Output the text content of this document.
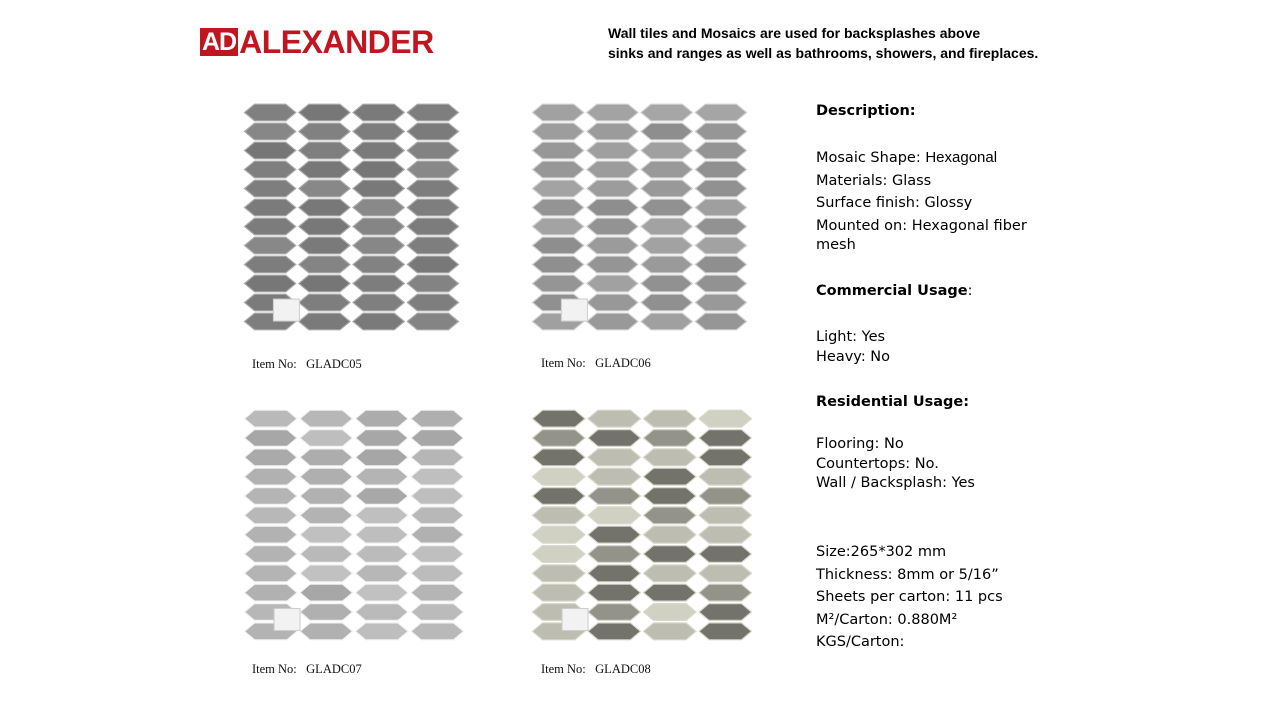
AD ALEXANDER	Wall tiles and Mosaics are used for backsplashes above
sinks and ranges as well as bathrooms, showers, and fireplaces.
Item No:   GLADC05	Item No:   GLADC06
Item No:   GLADC07	Item No:   GLADC08

Description:

Mosaic Shape: Hexagonal

Materials: Glass

Surface finish: Glossy

Mounted on: Hexagonal fiber

mesh

Commercial Usage:

Light: Yes

Heavy: No

Residential Usage:

Flooring: No

Countertops: No.

Wall / Backsplash: Yes

Size:265*302 mm

Thickness: 8mm or 5/16”

Sheets per carton: 11 pcs

M²/Carton: 0.880M²

KGS/Carton:
